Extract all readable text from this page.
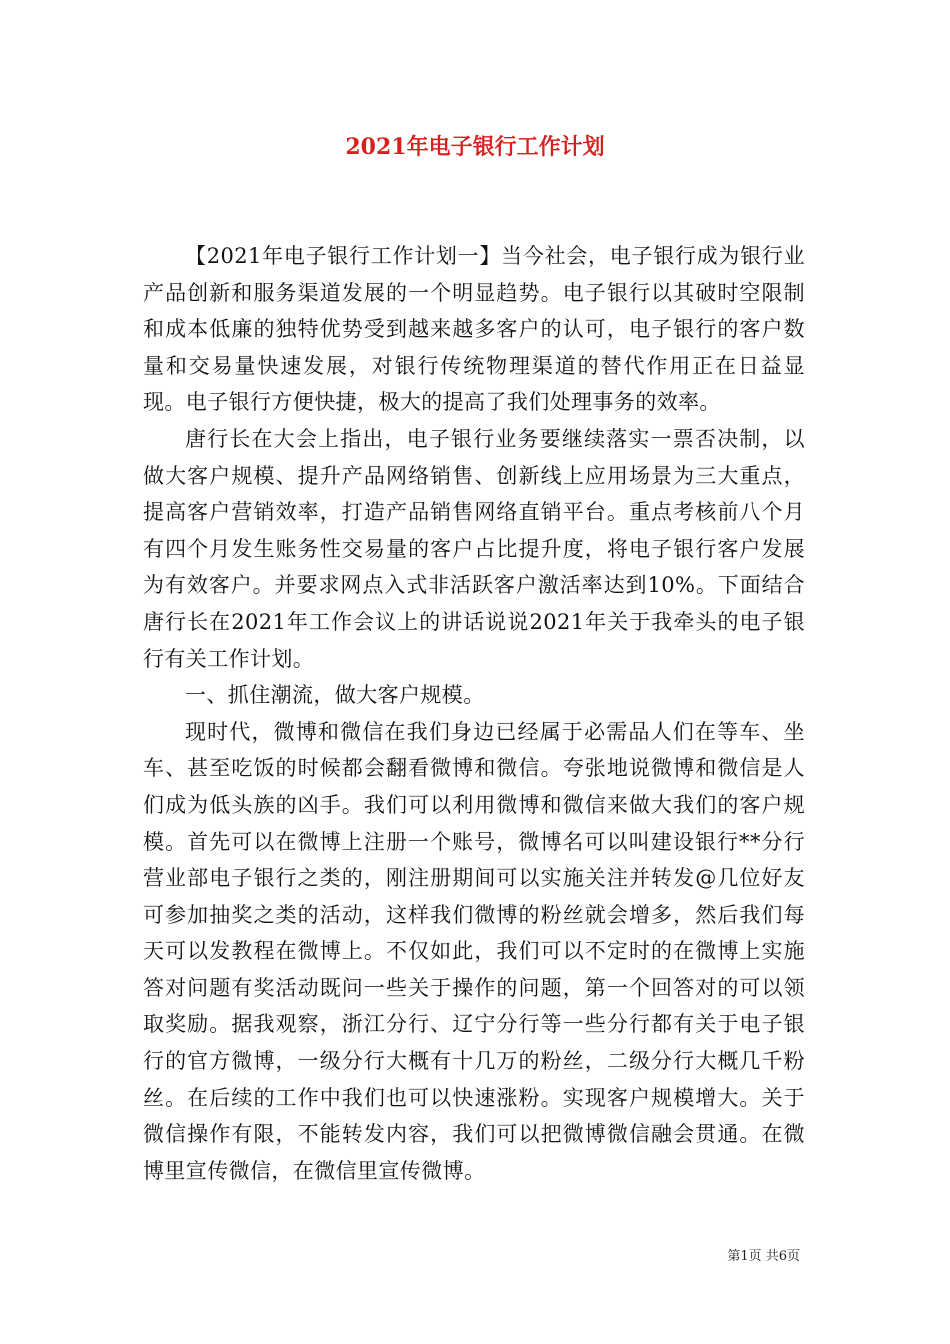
2021年电子银行工作计划

【2021年电子银行工作计划一】当今社会，电子银行成为银行业产品创新和服务渠道发展的一个明显趋势。电子银行以其破时空限制和成本低廉的独特优势受到越来越多客户的认可，电子银行的客户数量和交易量快速发展，对银行传统物理渠道的替代作用正在日益显现。电子银行方便快捷，极大的提高了我们处理事务的效率。

唐行长在大会上指出，电子银行业务要继续落实一票否决制，以做大客户规模、提升产品网络销售、创新线上应用场景为三大重点，提高客户营销效率，打造产品销售网络直销平台。重点考核前八个月有四个月发生账务性交易量的客户占比提升度，将电子银行客户发展为有效客户。并要求网点入式非活跃客户激活率达到10%。下面结合唐行长在2021年工作会议上的讲话说说2021年关于我牵头的电子银行有关工作计划。

一、抓住潮流，做大客户规模。

现时代，微博和微信在我们身边已经属于必需品人们在等车、坐车、甚至吃饭的时候都会翻看微博和微信。夸张地说微博和微信是人们成为低头族的凶手。我们可以利用微博和微信来做大我们的客户规模。首先可以在微博上注册一个账号，微博名可以叫建设银行**分行营业部电子银行之类的，刚注册期间可以实施关注并转发@几位好友可参加抽奖之类的活动，这样我们微博的粉丝就会增多，然后我们每天可以发教程在微博上。不仅如此，我们可以不定时的在微博上实施答对问题有奖活动既问一些关于操作的问题，第一个回答对的可以领取奖励。据我观察，浙江分行、辽宁分行等一些分行都有关于电子银行的官方微博，一级分行大概有十几万的粉丝，二级分行大概几千粉丝。在后续的工作中我们也可以快速涨粉。实现客户规模增大。关于微信操作有限，不能转发内容，我们可以把微博微信融会贯通。在微博里宣传微信，在微信里宣传微博。

第1页 共6页
